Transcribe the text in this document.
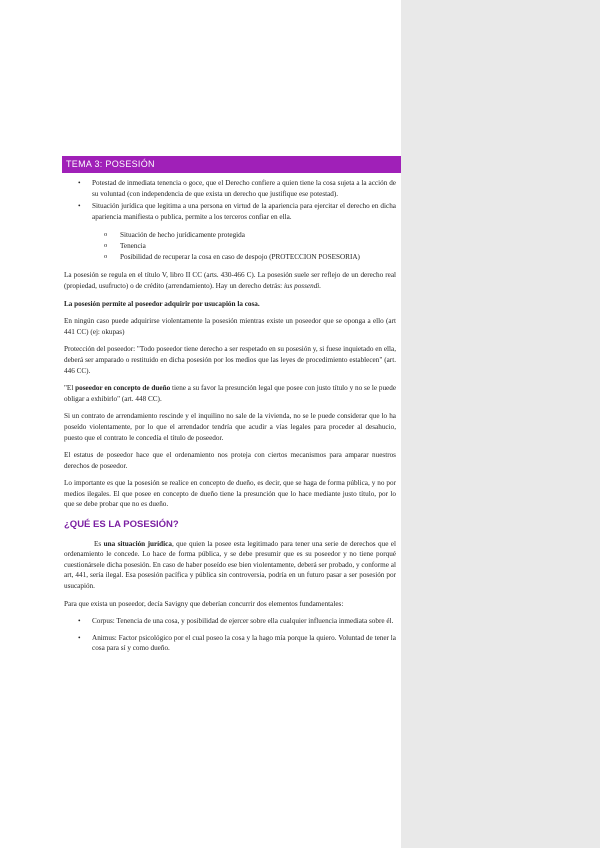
TEMA 3: POSESIÓN
• Potestad de inmediata tenencia o goce, que el Derecho confiere a quien tiene la cosa sujeta a la acción de su voluntad (con independencia de que exista un derecho que justifique ese potestad).
• Situación jurídica que legitima a una persona en virtud de la apariencia para ejercitar el derecho en dicha apariencia manifiesta o publica, permite a los terceros confiar en ella.
o Situación de hecho jurídicamente protegida
o Tenencia
o Posibilidad de recuperar la cosa en caso de despojo (PROTECCION POSESORIA)

La posesión se regula en el título V, libro II CC (arts. 430-466 C). La posesión suele ser reflejo de un derecho real (propiedad, usufructo) o de crédito (arrendamiento). Hay un derecho detrás: ius possendi.

La posesión permite al poseedor adquirir por usucapión la cosa.

En ningún caso puede adquirirse violentamente la posesión mientras existe un poseedor que se oponga a ello (art 441 CC) (ej: okupas)

Protección del poseedor: "Todo poseedor tiene derecho a ser respetado en su posesión y, si fuese inquietado en ella, deberá ser amparado o restituido en dicha posesión por los medios que las leyes de procedimiento establecen" (art. 446 CC).

"El poseedor en concepto de dueño tiene a su favor la presunción legal que posee con justo título y no se le puede obligar a exhibirlo" (art. 448 CC).

Si un contrato de arrendamiento rescinde y el inquilino no sale de la vivienda, no se le puede considerar que lo ha poseído violentamente, por lo que el arrendador tendría que acudir a vías legales para proceder al desahucio, puesto que el contrato le concedía el título de poseedor.

El estatus de poseedor hace que el ordenamiento nos proteja con ciertos mecanismos para amparar nuestros derechos de poseedor.

Lo importante es que la posesión se realice en concepto de dueño, es decir, que se haga de forma pública, y no por medios ilegales. El que posee en concepto de dueño tiene la presunción que lo hace mediante justo título, por lo que se debe probar que no es dueño.

¿QUÉ ES LA POSESIÓN?

Es una situación jurídica, que quien la posee esta legitimado para tener una serie de derechos que el ordenamiento le concede. Lo hace de forma pública, y se debe presumir que es su poseedor y no tiene porqué cuestionársele dicha posesión. En caso de haber poseído ese bien violentamente, deberá ser probado, y conforme al art, 441, sería ilegal. Esa posesión pacífica y pública sin controversia, podría en un futuro pasar a ser posesión por usucapión.

Para que exista un poseedor, decía Savigny que deberían concurrir dos elementos fundamentales:

• Corpus: Tenencia de una cosa, y posibilidad de ejercer sobre ella cualquier influencia inmediata sobre él.
• Animus: Factor psicológico por el cual poseo la cosa y la hago mía porque la quiero. Voluntad de tener la cosa para sí y como dueño.
